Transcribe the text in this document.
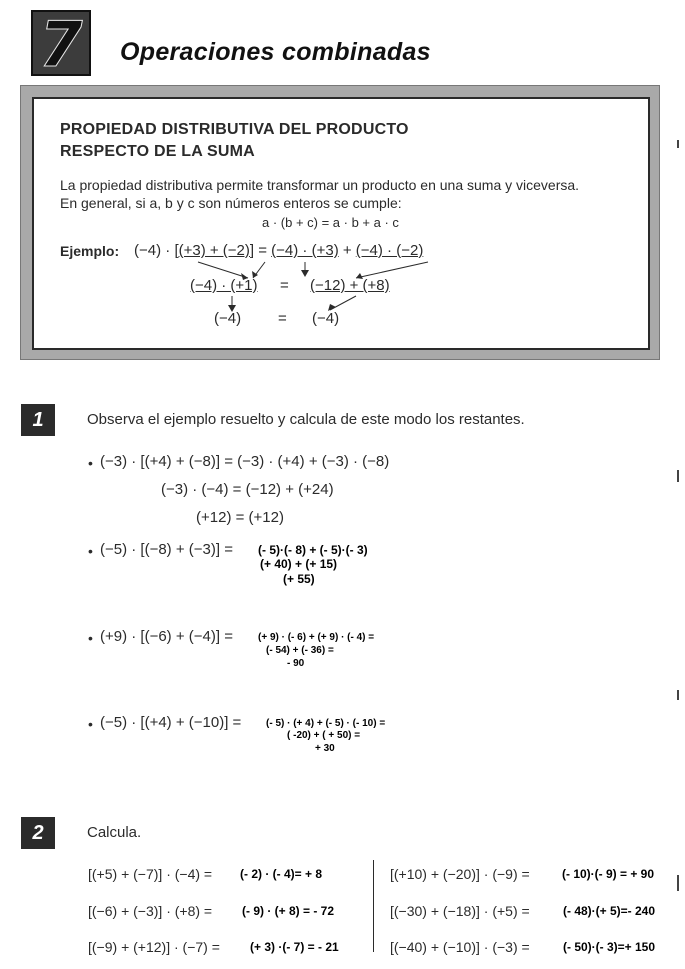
7 Operaciones combinadas
PROPIEDAD DISTRIBUTIVA DEL PRODUCTO
RESPECTO DE LA SUMA
La propiedad distributiva permite transformar un producto en una suma y viceversa.
En general, si a, b y c son números enteros se cumple:
a · (b + c) = a · b + a · c
Ejemplo: (−4) · [(+3) + (−2)] = (−4) · (+3) + (−4) · (−2)
(−4) · (+1) = (−12) + (+8)
(−4) = (−4)
1	Observa el ejemplo resuelto y calcula de este modo los restantes.
• (−3) · [(+4) + (−8)] = (−3) · (+4) + (−3) · (−8)
(−3) · (−4) = (−12) + (+24)
(+12) = (+12)
• (−5) · [(−8) + (−3)] = (- 5)·(- 8) + (- 5)·(- 3)
(+ 40) + (+ 15)
(+ 55)
• (+9) · [(−6) + (−4)] =	(+ 9) · (- 6) + (+ 9) · (- 4) =
(- 54) + (- 36) =
- 90
• (−5) · [(+4) + (−10)] = (- 5) · (+ 4) + (- 5) · (- 10) =
( -20) + ( + 50) =
+ 30
2	Calcula.
[(+5) + (−7)] · (−4) = (- 2) · (- 4)= + 8
[(−6) + (−3)] · (+8) = (- 9) · (+ 8) = - 72
[(−9) + (+12)] · (−7) =	(+ 3) ·(- 7) = - 21
[(+10) + (−20)] · (−9) =	(- 10)·(- 9) = + 90
[(−30) + (−18)] · (+5) =	(- 48)·(+ 5)=- 240
[(−40) + (−10)] · (−3) =	(- 50)·(- 3)=+ 150
